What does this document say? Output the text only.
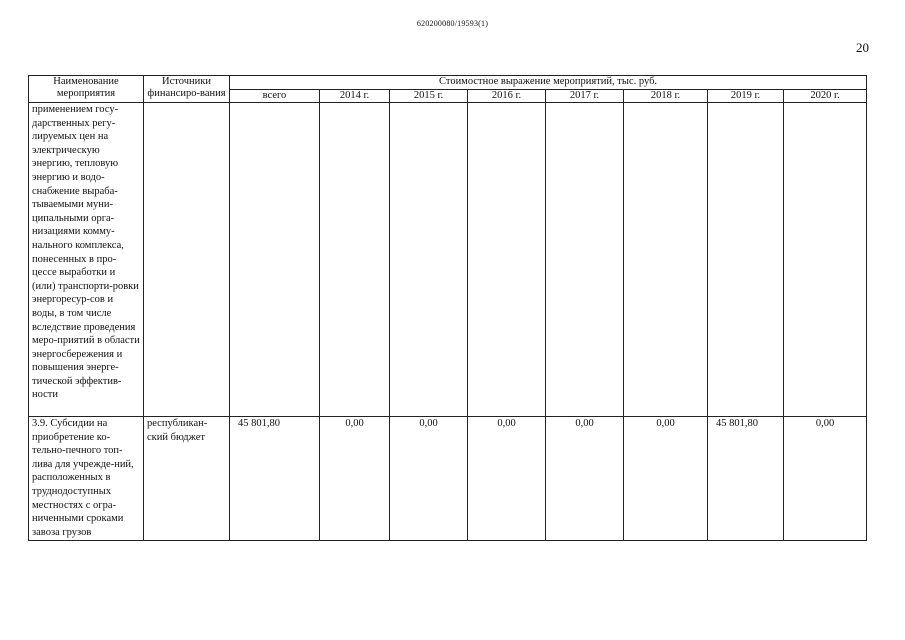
620200080/19593(1)
20
Наименование мероприятия	Источники финансиро-вания	Стоимостное выражение мероприятий, тыс. руб.							
		всего	2014 г.	2015 г.	2016 г.	2017 г.	2018 г.	2019 г.	2020 г.
применением госу-дарственных регу-лируемых цен на электрическую энергию, тепловую энергию и водо-снабжение выраба-тываемыми муни-ципальными орга-низациями комму-нального комплекса, понесенных в про-цессе выработки и (или) транспорти-ровки энергоресур-сов и воды, в том числе вследствие проведения меро-приятий в области энергосбережения и повышения энерге-тической эффектив-ности									
3.9. Субсидии на приобретение ко-тельно-печного топ-лива для учрежде-ний, расположенных в труднодоступных местностях с огра-ниченными сроками завоза грузов	республикан-ский бюджет	45 801,80	0,00	0,00	0,00	0,00	0,00	45 801,80	0,00
